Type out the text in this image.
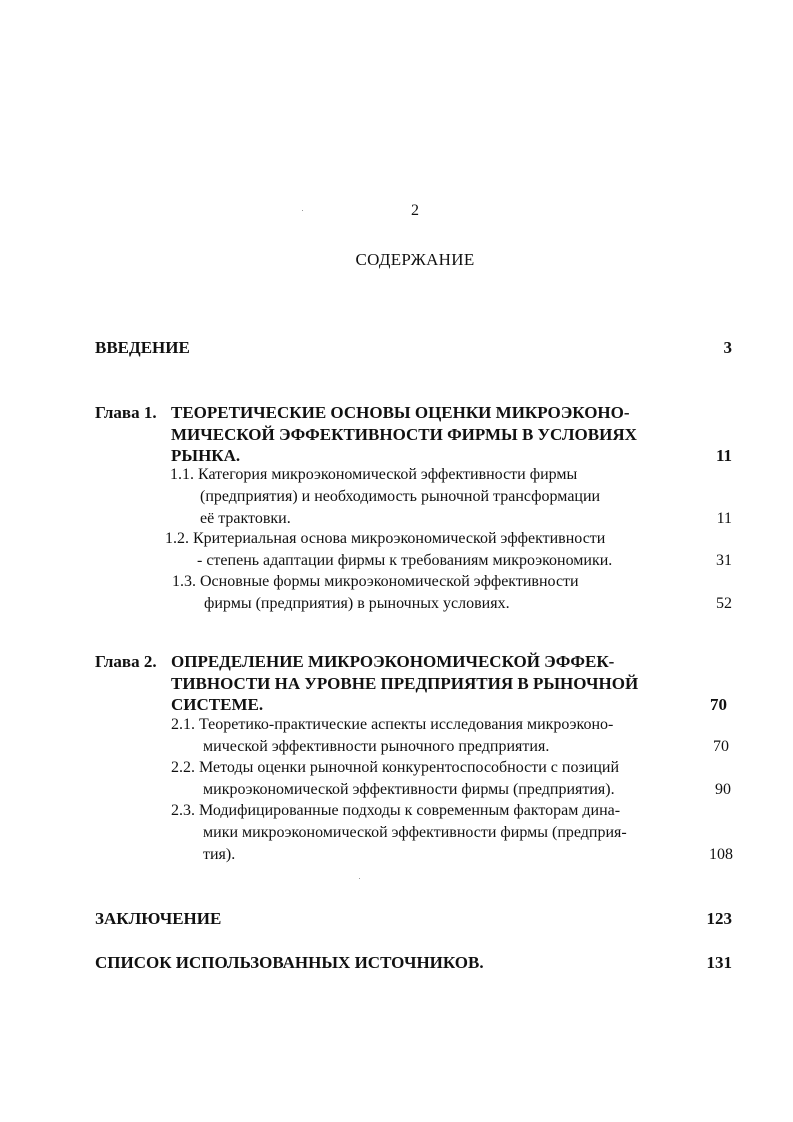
2
СОДЕРЖАНИЕ
ВВЕДЕНИЕ	3
Глава 1. ТЕОРЕТИЧЕСКИЕ ОСНОВЫ ОЦЕНКИ МИКРОЭКОНО-
МИЧЕСКОЙ ЭФФЕКТИВНОСТИ ФИРМЫ В УСЛОВИЯХ
РЫНКА.	11
1.1. Категория микроэкономической эффективности фирмы
(предприятия) и необходимость рыночной трансформации
её трактовки.	11
1.2. Критериальная основа микроэкономической эффективности
- степень адаптации фирмы к требованиям микроэкономики.	31
1.3. Основные формы микроэкономической эффективности
фирмы (предприятия) в рыночных условиях.	52
Глава 2. ОПРЕДЕЛЕНИЕ МИКРОЭКОНОМИЧЕСКОЙ ЭФФЕК-
ТИВНОСТИ НА УРОВНЕ ПРЕДПРИЯТИЯ В РЫНОЧНОЙ
СИСТЕМЕ.	70
2.1. Теоретико-практические аспекты исследования микроэконо-
мической эффективности рыночного предприятия.	70
2.2. Методы оценки рыночной конкурентоспособности с позиций
микроэкономической эффективности фирмы (предприятия).	90
2.3. Модифицированные подходы к современным факторам дина-
мики микроэкономической эффективности фирмы (предприя-
тия).	108
ЗАКЛЮЧЕНИЕ	123
СПИСОК ИСПОЛЬЗОВАННЫХ ИСТОЧНИКОВ.	131
